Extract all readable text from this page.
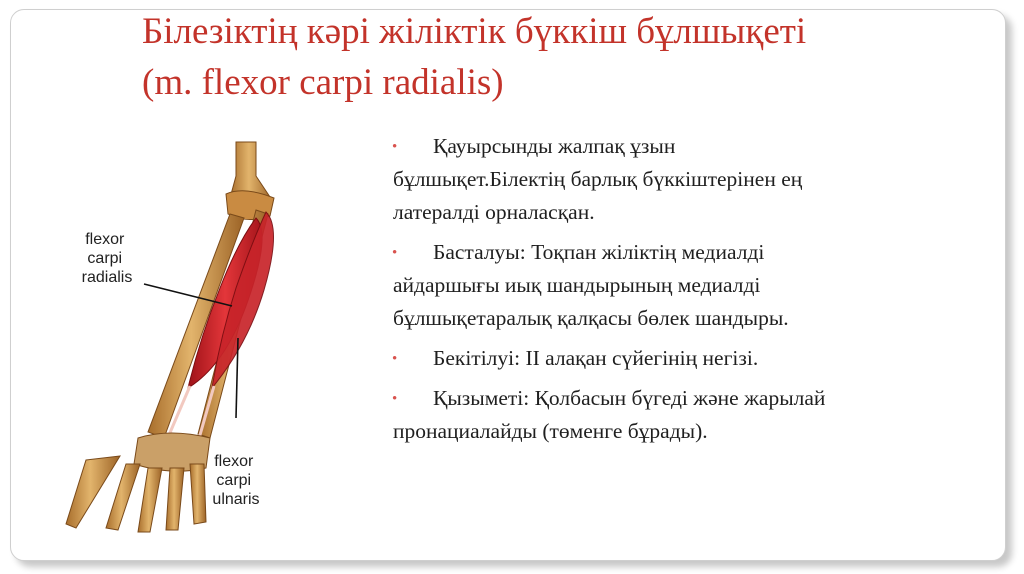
Білезіктің кәрі жіліктік бүккіш бұлшықеті
(m. flexor carpi radialis)
flexor carpi radialis
flexor carpi ulnaris
•	Қауырсынды жалпақ ұзын
бұлшықет.Білектің барлық бүккіштерінен ең
латералді орналасқан.
•	Басталуы: Тоқпан жіліктің медиалді
айдаршығы иық шандырының медиалді
бұлшықетаралық қалқасы бөлек шандыры.
•	Бекітілуі: ІІ алақан сүйегінің негізі.
•	Қызыметі: Қолбасын бүгеді және жарылай
пронациалайды (төменге бұрады).
